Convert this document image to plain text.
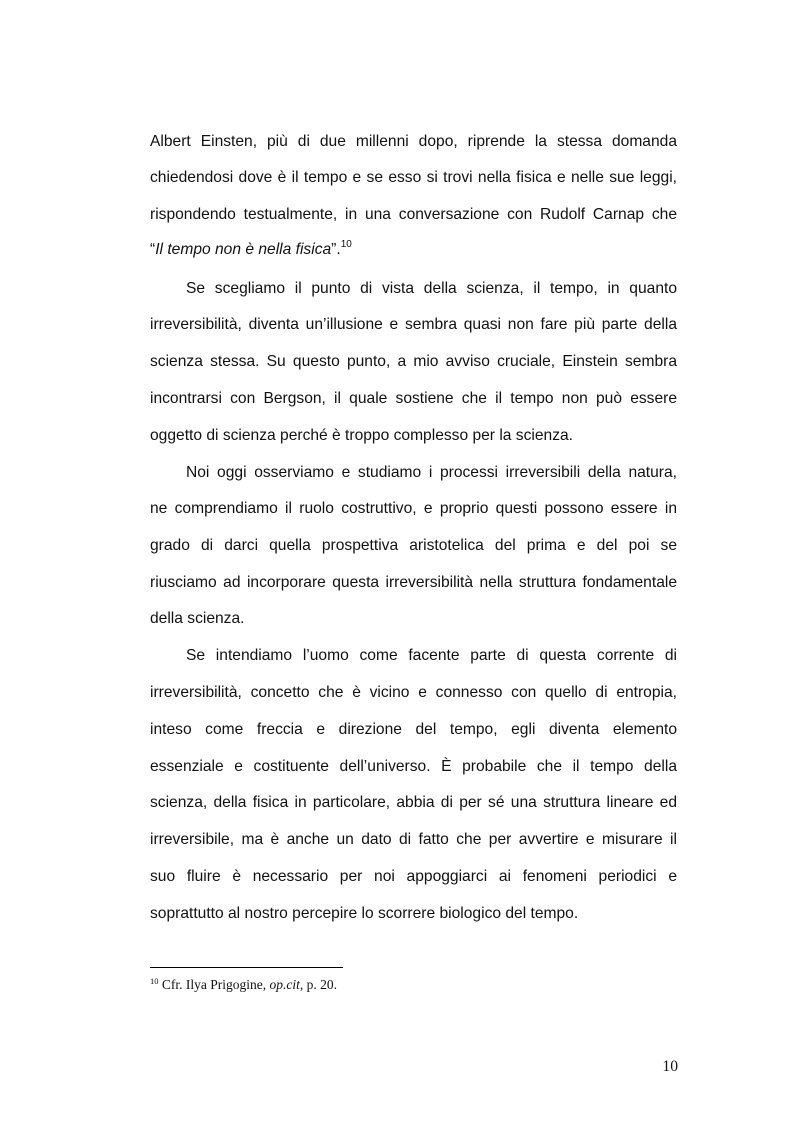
Albert Einsten, più di due millenni dopo, riprende la stessa domanda
chiedendosi dove è il tempo e se esso si trovi nella fisica e nelle sue leggi,
rispondendo testualmente, in una conversazione con Rudolf Carnap che
“Il tempo non è nella fisica”.$^{10}$
Se scegliamo il punto di vista della scienza, il tempo, in quanto
irreversibilità, diventa un’illusione e sembra quasi non fare più parte della
scienza stessa. Su questo punto, a mio avviso cruciale, Einstein sembra
incontrarsi con Bergson, il quale sostiene che il tempo non può essere
oggetto di scienza perché è troppo complesso per la scienza.
Noi oggi osserviamo e studiamo i processi irreversibili della natura,
ne comprendiamo il ruolo costruttivo, e proprio questi possono essere in
grado di darci quella prospettiva aristotelica del prima e del poi se
riusciamo ad incorporare questa irreversibilità nella struttura fondamentale
della scienza.
Se intendiamo l’uomo come facente parte di questa corrente di
irreversibilità, concetto che è vicino e connesso con quello di entropia,
inteso come freccia e direzione del tempo, egli diventa elemento
essenziale e costituente dell’universo. È probabile che il tempo della
scienza, della fisica in particolare, abbia di per sé una struttura lineare ed
irreversibile, ma è anche un dato di fatto che per avvertire e misurare il
suo fluire è necessario per noi appoggiarci ai fenomeni periodici e
soprattutto al nostro percepire lo scorrere biologico del tempo.
$^{10}$ Cfr. Ilya Prigogine, op.cit, p. 20.
10
